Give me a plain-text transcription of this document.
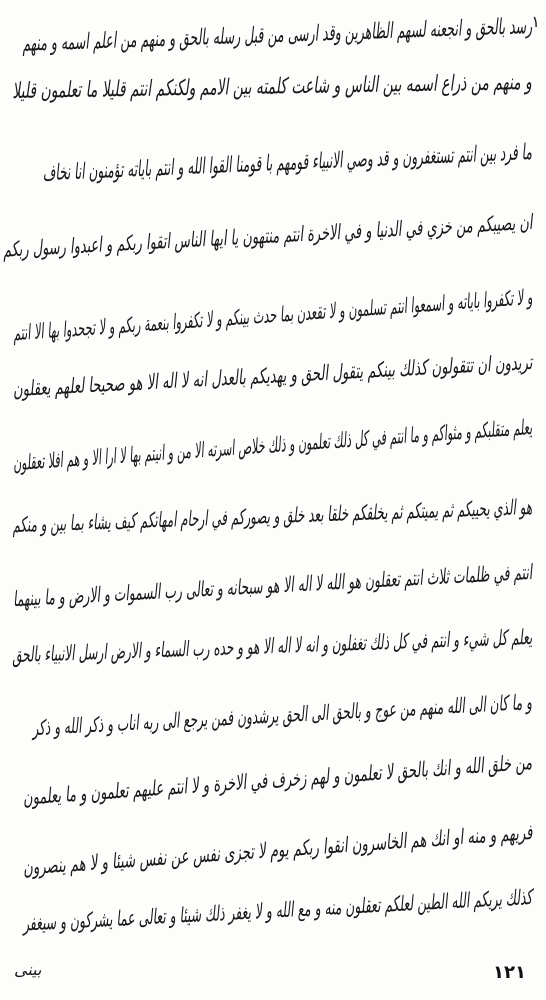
١
رسد بالحق و انجعنه لسهم الظاهرين وقد ارسى من قبل رسله بالحق و منهم من اعلم اسمه و منهم
و منهم من ذراع اسمه بين الناس و شاعت كلمته بين الامم ولكنكم انتم قليلا ما تعلمون قليلا
ما فرد بين انتم تستغفرون و قد وصي الانبياء قومهم با قومنا القوا الله و انتم باياته تؤمنون انا نخاف
ان يصيبكم من خزي في الدنيا و في الاخرة انتم منتهون يا ايها الناس اتقوا ربكم و اعبدوا رسول ربكم
و لا تكفروا باياته و اسمعوا انتم تسلمون و لا تقعدن بما حدث بينكم و لا تكفروا بنعمة ربكم و لا تجحدوا بها الا انتم
تريدون ان تتقولون كذلك بينكم يتقول الحق و يهديكم بالعدل انه لا اله الا هو صحيحا لعلهم يعقلون
يعلم متقلبكم و مثواكم و ما انتم في كل ذلك تعلمون و ذلك خلاص اسرته الا من و انيتم بها لا ارا الا و هم افلا تعقلون
هو الذي يحييكم ثم يميتكم ثم يخلقكم خلقا بعد خلق و يصوركم في ارحام امهاتكم كيف يشاء بما بين و منكم
انتم في ظلمات ثلاث انتم تعقلون هو الله لا اله الا هو سبحانه و تعالى رب السموات و الارض و ما بينهما
يعلم كل شيء و انتم في كل ذلك تغفلون و انه لا اله الا هو و حده رب السماء و الارض ارسل الانبياء بالحق
و ما كان الى الله منهم من عوج و بالحق الى الحق يرشدون فمن يرجع الى ربه اناب و ذكر الله و ذكر
من خلق الله و انك بالحق لا تعلمون و لهم زخرف في الاخرة و لا انتم عليهم تعلمون و ما يعلمون
فريهم و منه او انك هم الخاسرون انقوا ربكم يوم لا تجزى نفس عن نفس شيئا و لا هم ينصرون
كذلك يريكم الله الطين لعلكم تعقلون منه و مع الله و لا يغفر ذلك شيئا و تعالى عما يشركون و سيغفر
بینی	١٢١
